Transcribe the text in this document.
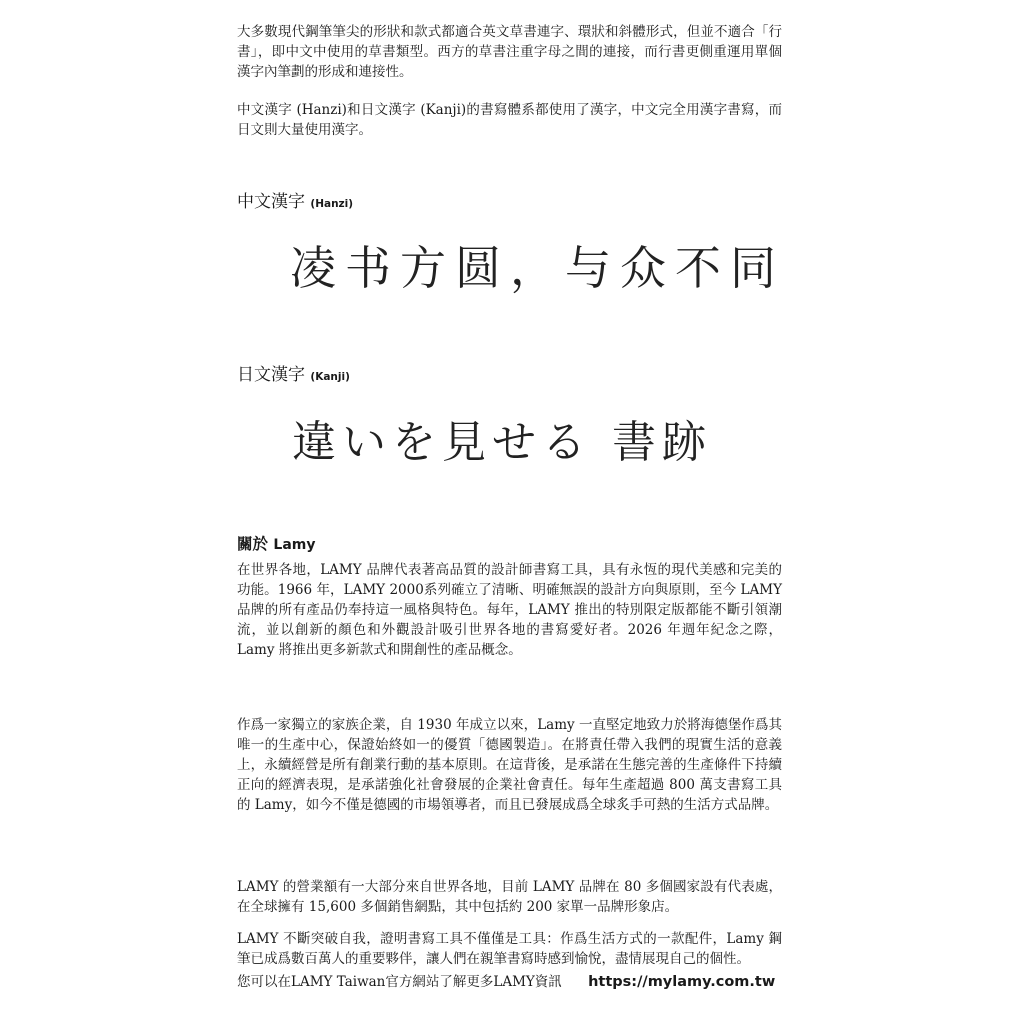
大多數現代鋼筆筆尖的形狀和款式都適合英文草書連字、環狀和斜體形式，但並不適合「行書」，即中文中使用的草書類型。西方的草書注重字母之間的連接，而行書更側重運用單個漢字內筆劃的形成和連接性。

中文漢字 (Hanzi)和日文漢字 (Kanji)的書寫體系都使用了漢字，中文完全用漢字書寫，而日文則大量使用漢字。

中文漢字 (Hanzi)
凌书方圆，与众不同
日文漢字 (Kanji)
違いを見せる 書跡
關於 Lamy

在世界各地，LAMY 品牌代表著高品質的設計師書寫工具，具有永恆的現代美感和完美的功能。1966 年，LAMY 2000系列確立了清晰、明確無誤的設計方向與原則，至今 LAMY品牌的所有產品仍奉持這一風格與特色。每年，LAMY 推出的特別限定版都能不斷引領潮流，並以創新的顏色和外觀設計吸引世界各地的書寫愛好者。2026 年週年紀念之際，Lamy 將推出更多新款式和開創性的產品概念。

作爲一家獨立的家族企業，自 1930 年成立以來，Lamy 一直堅定地致力於將海德堡作爲其唯一的生產中心，保證始終如一的優質「德國製造」。在將責任帶入我們的現實生活的意義上，永續經營是所有創業行動的基本原則。在這背後，是承諾在生態完善的生產條件下持續正向的經濟表現，是承諾強化社會發展的企業社會責任。每年生產超過 800 萬支書寫工具的 Lamy，如今不僅是德國的市場領導者，而且已發展成爲全球炙手可熱的生活方式品牌。

LAMY 的營業額有一大部分來自世界各地，目前 LAMY 品牌在 80 多個國家設有代表處，在全球擁有 15,600 多個銷售網點，其中包括約 200 家單一品牌形象店。

LAMY 不斷突破自我，證明書寫工具不僅僅是工具：作爲生活方式的一款配件，Lamy 鋼筆已成爲數百萬人的重要夥伴，讓人們在親筆書寫時感到愉悅，盡情展現自己的個性。

您可以在LAMY Taiwan官方網站了解更多LAMY資訊 https://mylamy.com.tw
